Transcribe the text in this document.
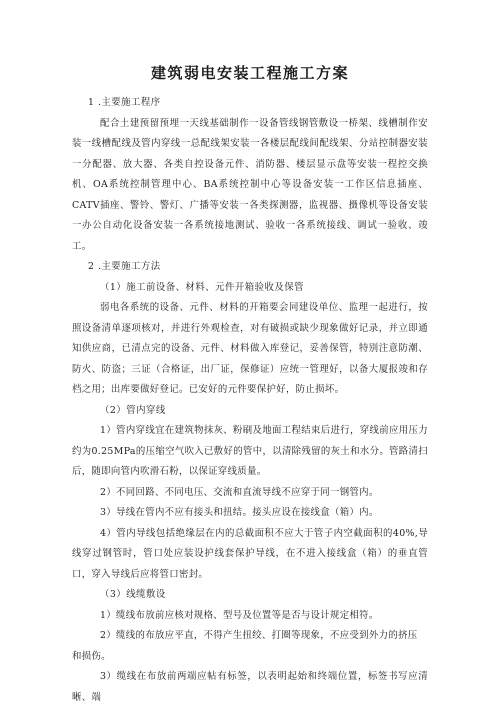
建筑弱电安装工程施工方案

1 .主要施工程序

配合土建预留预埋一天线基础制作一设备管线钢管敷设一桥架、线槽制作安装一线槽配线及管内穿线一总配线架安装一各楼层配线间配线架、分站控制器安装一分配器、放大器、各类自控设备元件、消防器、楼层显示盘等安装一程控交换机、OA系统控制管理中心、BA系统控制中心等设备安装一工作区信息插座、CATV插座、警铃、警灯、广播等安装一各类探测器，监视器、摄像机等设备安装一办公自动化设备安装一各系统接地测试、验收一各系统接线、调试一验收、竣工。

2 .主要施工方法

（1）施工前设备、材料、元件开箱验收及保管

弱电各系统的设备、元件、材料的开箱要会同建设单位、监理一起进行，按照设备清单逐项核对，并进行外观检查，对有破损或缺少现象做好记录，并立即通知供应商，已清点完的设备、元件、材料做入库登记，妥善保管，特别注意防潮、防火、防盗；三证（合格证，出厂证，保修证）应统一管理好，以备大厦报竣和存档之用；出库要做好登记。已安好的元件要保护好，防止损坏。

（2）管内穿线

1）管内穿线宜在建筑物抹灰、粉刷及地面工程结束后进行，穿线前应用压力约为0.25MPa的压缩空气吹入已敷好的管中，以清除残留的灰土和水分。管路清扫后，随即向管内吹滑石粉，以保证穿线质量。

2）不同回路、不同电压、交流和直流导线不应穿于同一钢管内。

3）导线在管内不应有接头和扭结。接头应设在接线盒（箱）内。

4）管内导线包括绝缘层在内的总截面积不应大于管子内空截面积的40%,导线穿过钢管时，管口处应装设护线套保护导线，在不进入接线盒（箱）的垂直管口，穿入导线后应将管口密封。

（3）线缆敷设

1）缆线布放前应核对规格、型号及位置等是否与设计规定相符。

2）缆线的布放应平直，不得产生扭绞、打圈等现象，不应受到外力的挤压

和损伤。

3）缆线在布放前两端应帖有标签，以表明起始和终端位置，标签书写应清晰、端
